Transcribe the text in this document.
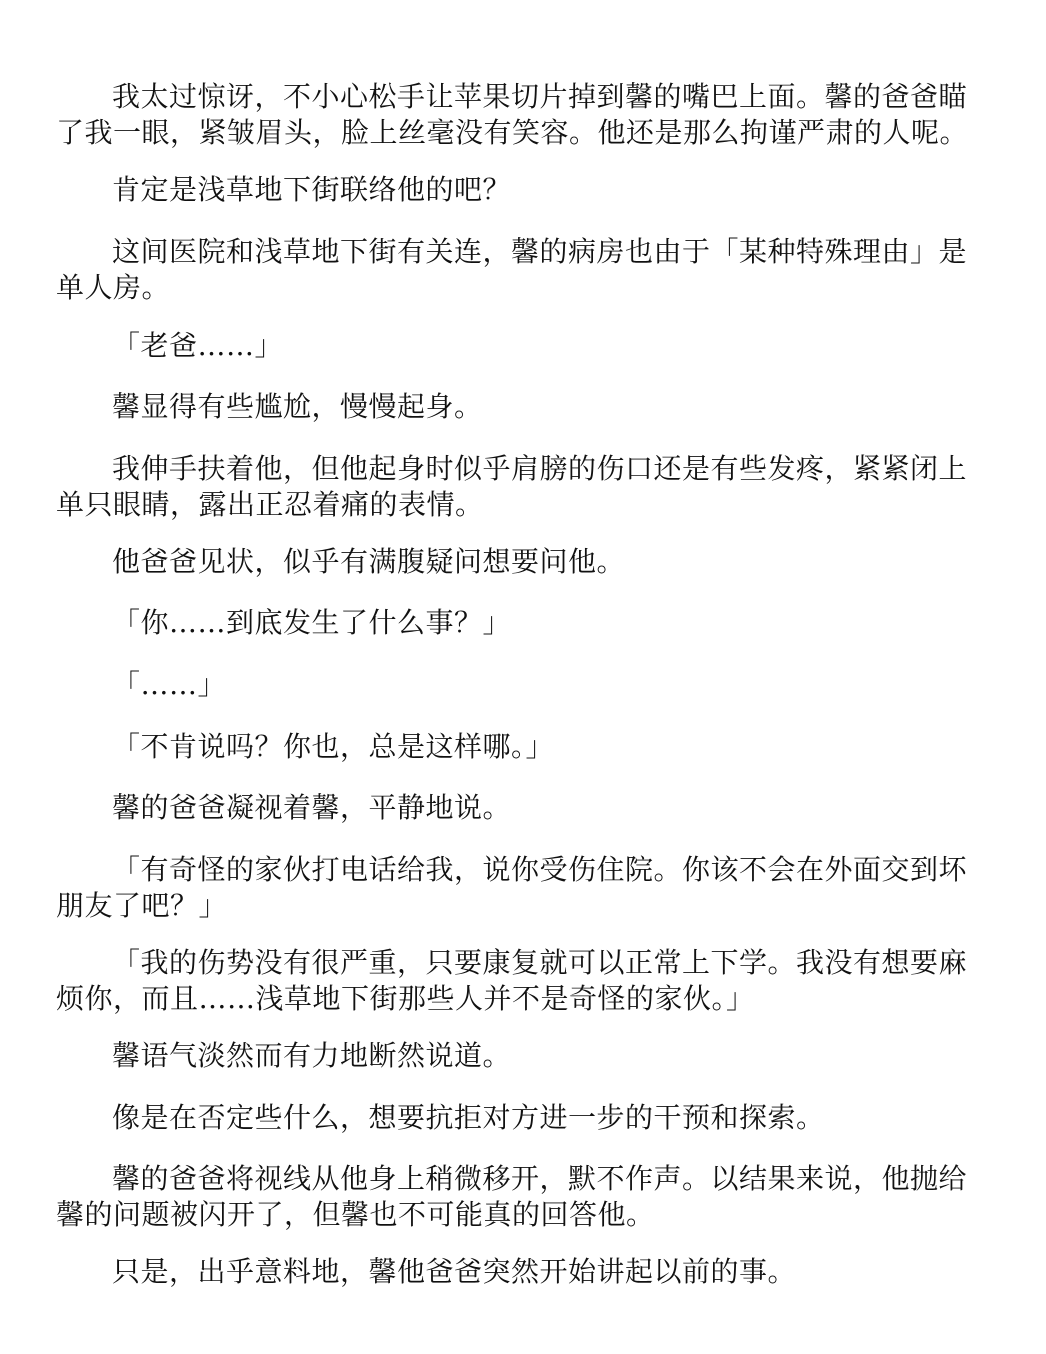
我太过惊讶，不小心松手让苹果切片掉到馨的嘴巴上面。馨的爸爸瞄了我一眼，紧皱眉头，脸上丝毫没有笑容。他还是那么拘谨严肃的人呢。

肯定是浅草地下街联络他的吧？

这间医院和浅草地下街有关连，馨的病房也由于「某种特殊理由」是单人房。

「老爸……」

馨显得有些尴尬，慢慢起身。

我伸手扶着他，但他起身时似乎肩膀的伤口还是有些发疼，紧紧闭上单只眼睛，露出正忍着痛的表情。

他爸爸见状，似乎有满腹疑问想要问他。

「你……到底发生了什么事？」

「……」

「不肯说吗？你也，总是这样哪。」

馨的爸爸凝视着馨，平静地说。

「有奇怪的家伙打电话给我，说你受伤住院。你该不会在外面交到坏朋友了吧？」

「我的伤势没有很严重，只要康复就可以正常上下学。我没有想要麻烦你，而且……浅草地下街那些人并不是奇怪的家伙。」

馨语气淡然而有力地断然说道。

像是在否定些什么，想要抗拒对方进一步的干预和探索。

馨的爸爸将视线从他身上稍微移开，默不作声。以结果来说，他抛给馨的问题被闪开了，但馨也不可能真的回答他。

只是，出乎意料地，馨他爸爸突然开始讲起以前的事。
